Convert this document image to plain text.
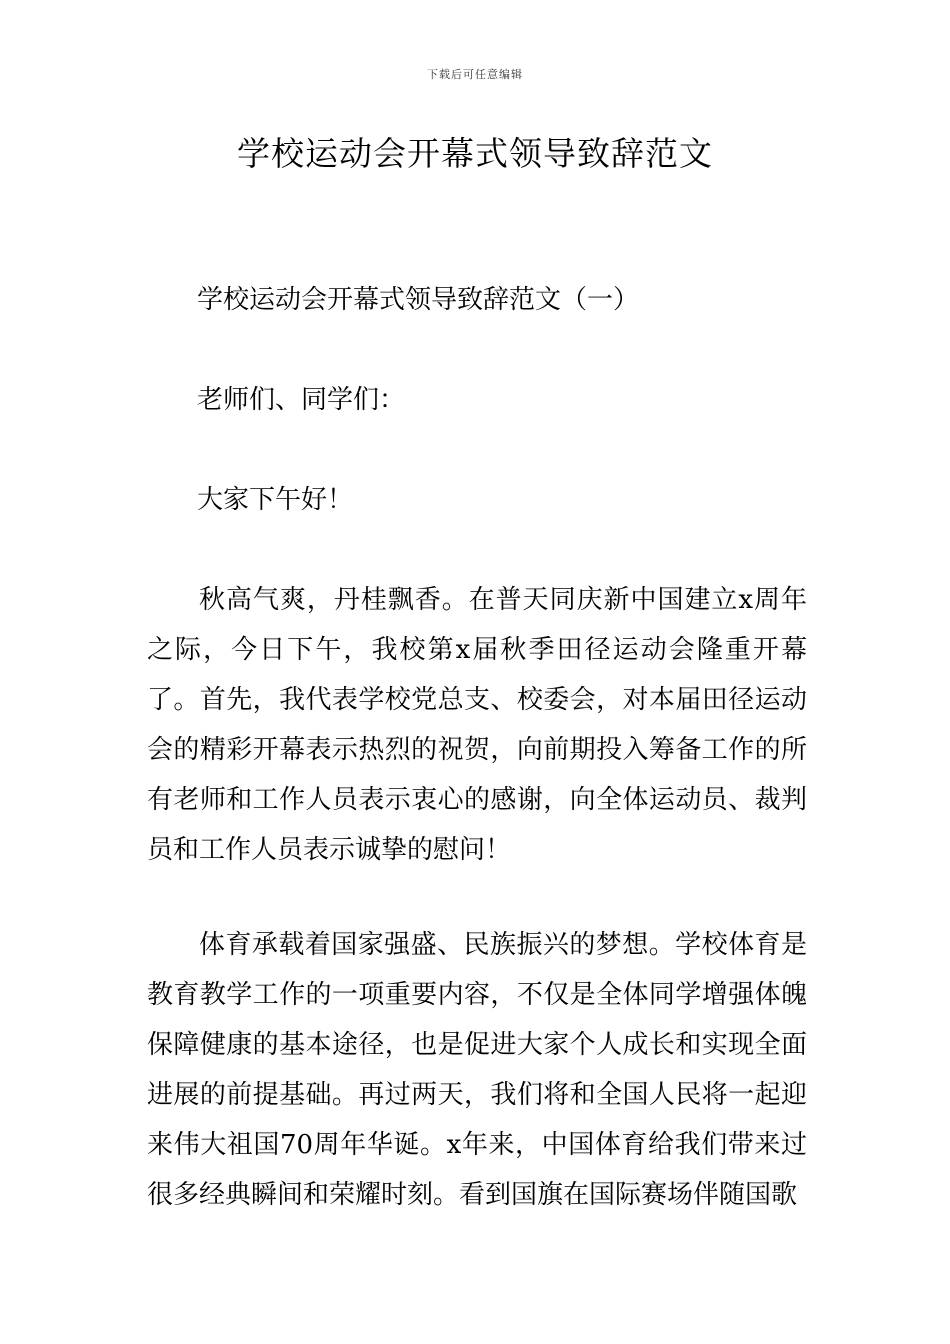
下载后可任意编辑
学校运动会开幕式领导致辞范文
学校运动会开幕式领导致辞范文（一）
老师们、同学们：
大家下午好！

秋高气爽，丹桂飘香。在普天同庆新中国建立x周年之际，今日下午，我校第x届秋季田径运动会隆重开幕了。首先，我代表学校党总支、校委会，对本届田径运动会的精彩开幕表示热烈的祝贺，向前期投入筹备工作的所有老师和工作人员表示衷心的感谢，向全体运动员、裁判员和工作人员表示诚挚的慰问！

体育承载着国家强盛、民族振兴的梦想。学校体育是教育教学工作的一项重要内容，不仅是全体同学增强体魄保障健康的基本途径，也是促进大家个人成长和实现全面进展的前提基础。再过两天，我们将和全国人民将一起迎来伟大祖国70周年华诞。x年来，中国体育给我们带来过很多经典瞬间和荣耀时刻。看到国旗在国际赛场伴随国歌
